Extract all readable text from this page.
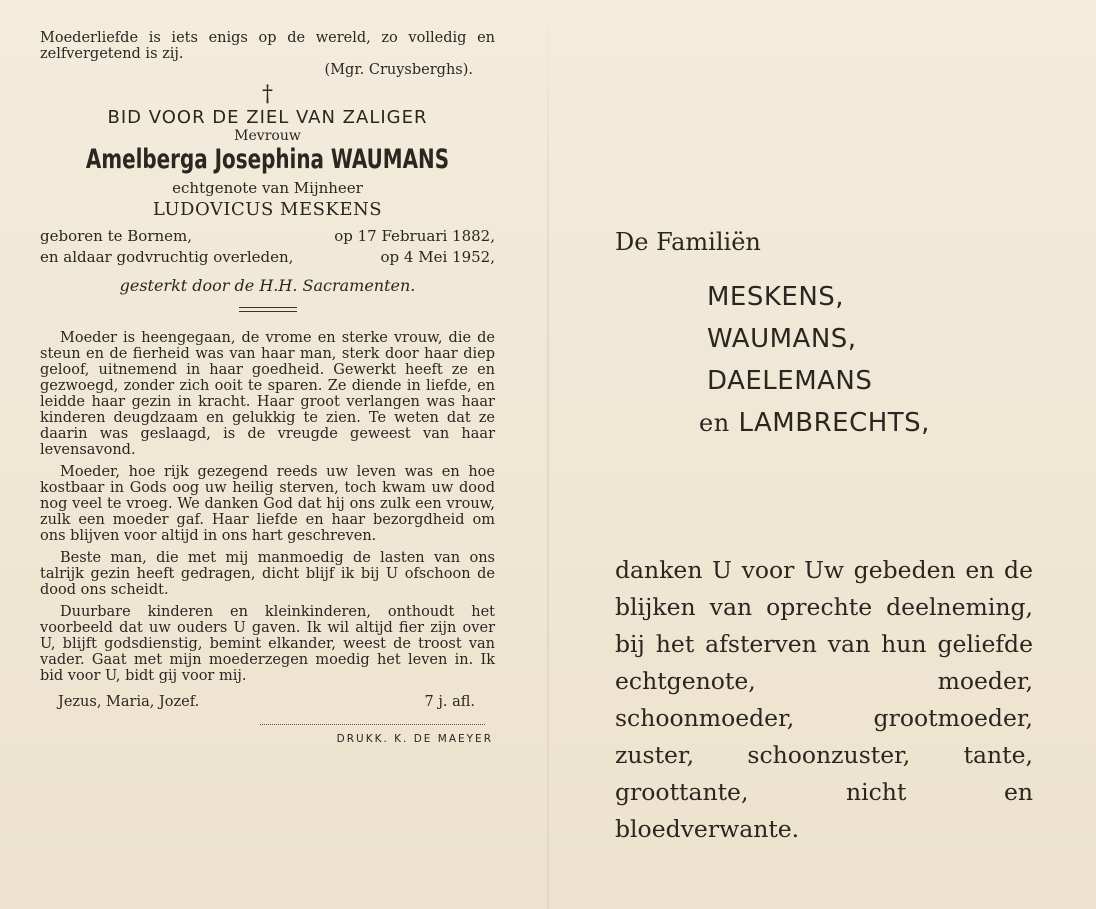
Moederliefde is iets enigs op de wereld, zo volledig en zelfvergetend is zij.

(Mgr. Cruysberghs).

†
BID VOOR DE ZIEL VAN ZALIGER
Mevrouw
Amelberga Josephina WAUMANS
echtgenote van Mijnheer
LUDOVICUS MESKENS
geboren te Bornem,	op 17 Februari 1882,
en aldaar godvruchtig overleden,	op 4 Mei 1952,
gesterkt door de H.H. Sacramenten.

Moeder is heengegaan, de vrome en sterke vrouw, die de steun en de fierheid was van haar man, sterk door haar diep geloof, uitnemend in haar goedheid. Gewerkt heeft ze en gezwoegd, zonder zich ooit te sparen. Ze diende in liefde, en leidde haar gezin in kracht. Haar groot verlangen was haar kinderen deugdzaam en gelukkig te zien. Te weten dat ze daarin was geslaagd, is de vreugde geweest van haar levensavond.

Moeder, hoe rijk gezegend reeds uw leven was en hoe kostbaar in Gods oog uw heilig sterven, toch kwam uw dood nog veel te vroeg. We danken God dat hij ons zulk een vrouw, zulk een moeder gaf. Haar liefde en haar bezorgdheid om ons blijven voor altijd in ons hart geschreven.

Beste man, die met mij manmoedig de lasten van ons talrijk gezin heeft gedragen, dicht blijf ik bij U ofschoon de dood ons scheidt.

Duurbare kinderen en kleinkinderen, onthoudt het voorbeeld dat uw ouders U gaven. Ik wil altijd fier zijn over U, blijft godsdienstig, bemint elkander, weest de troost van vader. Gaat met mijn moederzegen moedig het leven in. Ik bid voor U, bidt gij voor mij.

Jezus, Maria, Jozef.	7 j. afl.
DRUKK. K. DE MAEYER
De Familiën
MESKENS,
WAUMANS,
DAELEMANS
en LAMBRECHTS,
danken U voor Uw gebeden en de blijken van oprechte deelneming, bij het afsterven van hun geliefde echtgenote, moeder, schoonmoeder, grootmoeder, zuster, schoonzuster, tante, groottante, nicht en bloedverwante.
